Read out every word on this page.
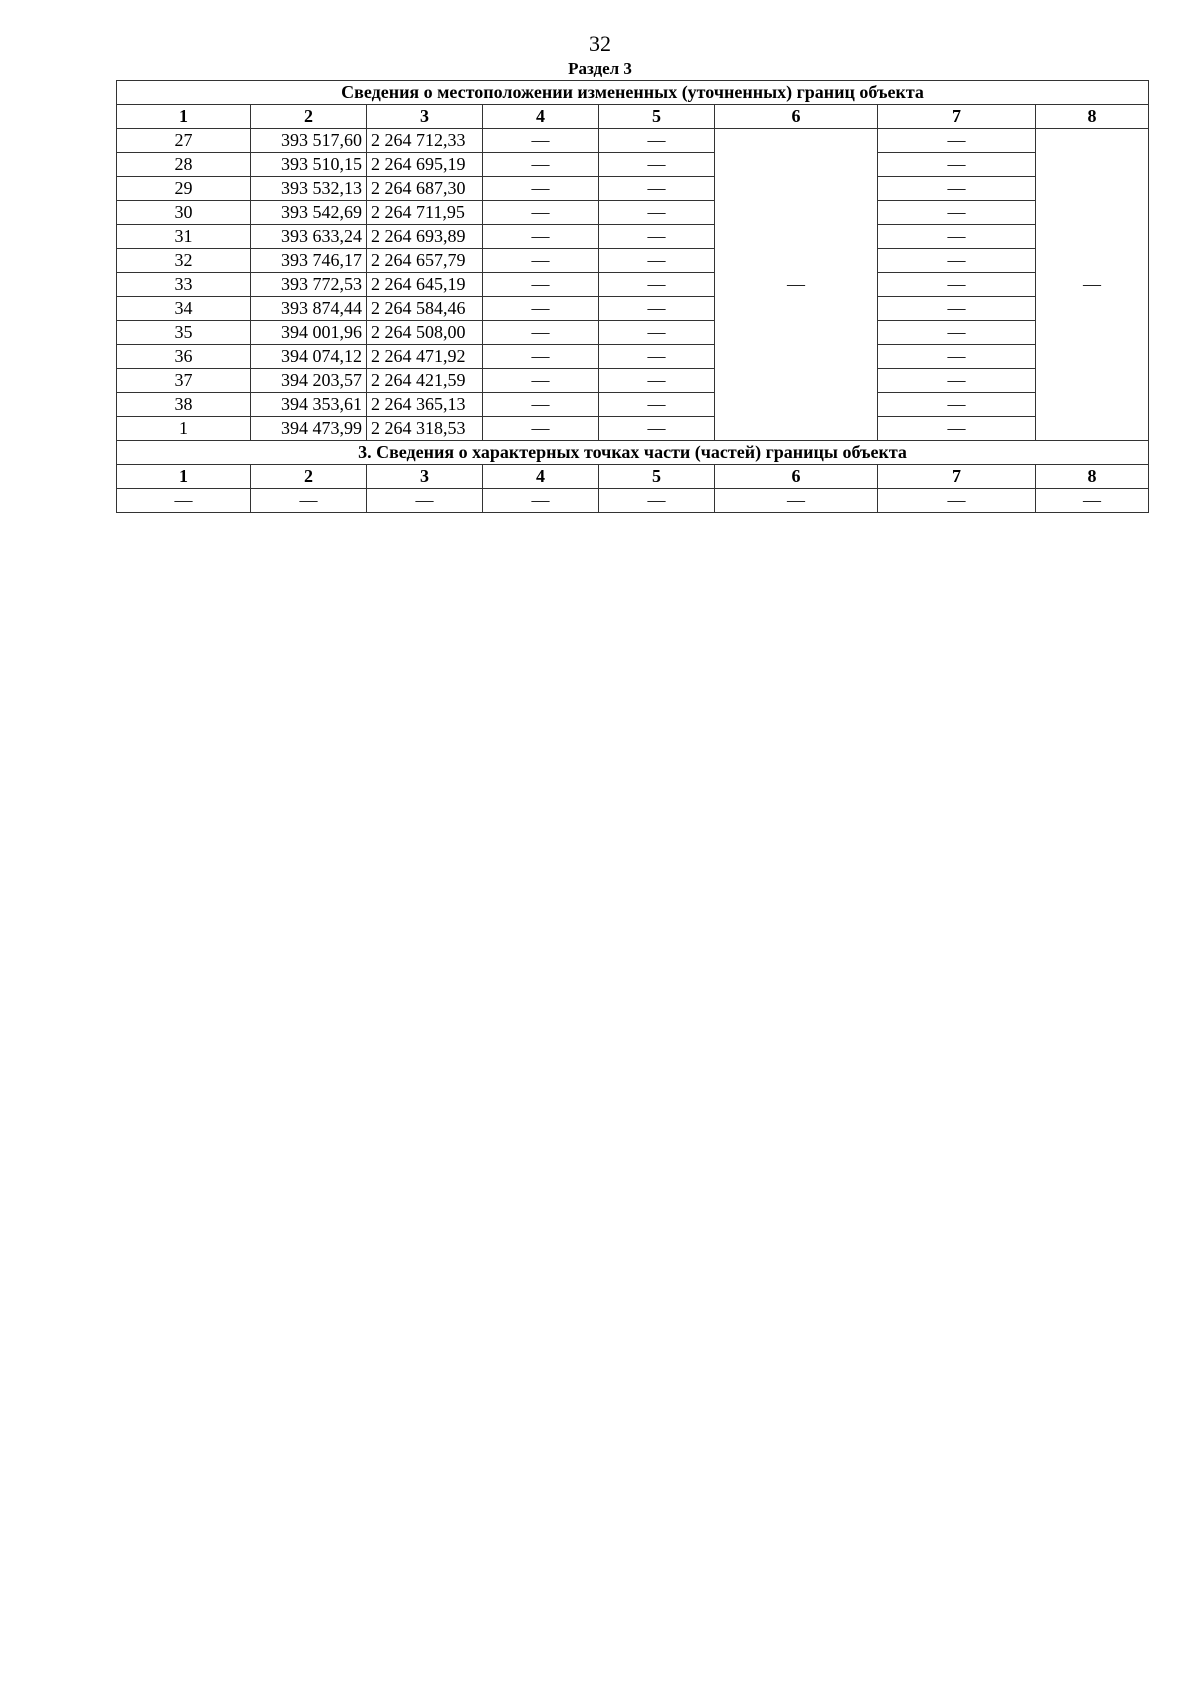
32
Раздел 3
Сведения о местоположении измененных (уточненных) границ объекта							
1	2	3	4	5	6	7	8
27	393 517,60	2 264 712,33	—	—	—	—	—
28	393 510,15	2 264 695,19	—	—		—	
29	393 532,13	2 264 687,30	—	—		—	
30	393 542,69	2 264 711,95	—	—		—	
31	393 633,24	2 264 693,89	—	—		—	
32	393 746,17	2 264 657,79	—	—		—	
33	393 772,53	2 264 645,19	—	—		—	
34	393 874,44	2 264 584,46	—	—		—	
35	394 001,96	2 264 508,00	—	—		—	
36	394 074,12	2 264 471,92	—	—		—	
37	394 203,57	2 264 421,59	—	—		—	
38	394 353,61	2 264 365,13	—	—		—	
1	394 473,99	2 264 318,53	—	—		—	
3. Сведения о характерных точках части (частей) границы объекта							
1	2	3	4	5	6	7	8
—	—	—	—	—	—	—	—
